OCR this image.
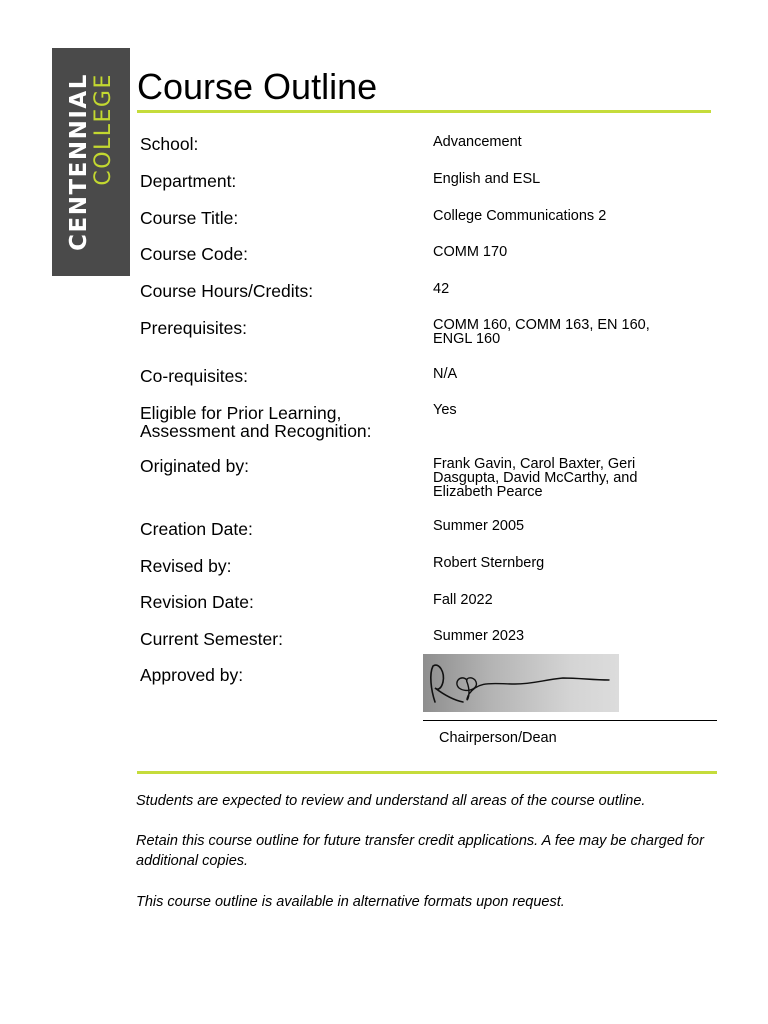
CENTENNIAL COLLEGE Course Outline
School:	Advancement
Department:	English and ESL
Course Title:	College Communications 2
Course Code:	COMM 170
Course Hours/Credits:	42
Prerequisites:	COMM 160, COMM 163, EN 160,
ENGL 160
Co-requisites:	N/A
Eligible for Prior Learning,
Assessment and Recognition:
Yes
Originated by:	Frank Gavin, Carol Baxter, Geri
Dasgupta, David McCarthy, and
Elizabeth Pearce
Creation Date:	Summer 2005
Revised by:	Robert Sternberg
Revision Date:	Fall 2022
Current Semester:	Summer 2023
Approved by:
Chairperson/Dean
Students are expected to review and understand all areas of the course outline.
Retain this course outline for future transfer credit applications. A fee may be charged for additional copies.
This course outline is available in alternative formats upon request.
